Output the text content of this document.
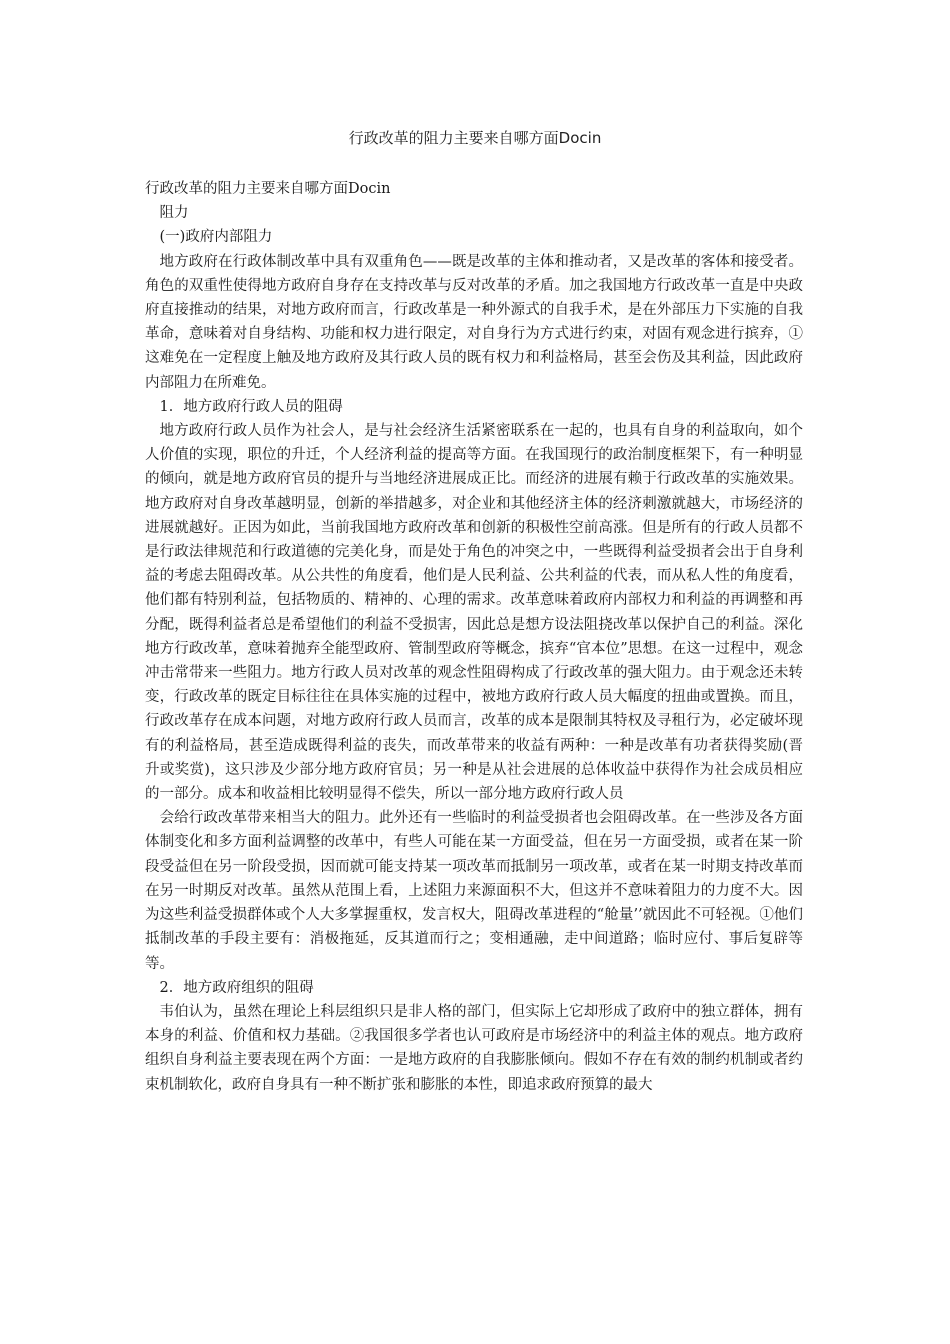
行政改革的阻力主要来自哪方面Docin

行政改革的阻力主要来自哪方面Docin

阻力

(一)政府内部阻力

地方政府在行政体制改革中具有双重角色——既是改革的主体和推动者，又是改革的客体和接受者。角色的双重性使得地方政府自身存在支持改革与反对改革的矛盾。加之我国地方行政改革一直是中央政府直接推动的结果，对地方政府而言，行政改革是一种外源式的自我手术，是在外部压力下实施的自我革命，意味着对自身结构、功能和权力进行限定，对自身行为方式进行约束，对固有观念进行摈弃，①这难免在一定程度上触及地方政府及其行政人员的既有权力和利益格局，甚至会伤及其利益，因此政府内部阻力在所难免。

1．地方政府行政人员的阻碍

地方政府行政人员作为社会人，是与社会经济生活紧密联系在一起的，也具有自身的利益取向，如个人价值的实现，职位的升迁，个人经济利益的提高等方面。在我国现行的政治制度框架下，有一种明显的倾向，就是地方政府官员的提升与当地经济进展成正比。而经济的进展有赖于行政改革的实施效果。地方政府对自身改革越明显，创新的举措越多，对企业和其他经济主体的经济刺激就越大，市场经济的进展就越好。正因为如此，当前我国地方政府改革和创新的积极性空前高涨。但是所有的行政人员都不是行政法律规范和行政道德的完美化身，而是处于角色的冲突之中，一些既得利益受损者会出于自身利益的考虑去阻碍改革。从公共性的角度看，他们是人民利益、公共利益的代表，而从私人性的角度看，他们都有特别利益，包括物质的、精神的、心理的需求。改革意味着政府内部权力和利益的再调整和再分配，既得利益者总是希望他们的利益不受损害，因此总是想方设法阻挠改革以保护自己的利益。深化地方行政改革，意味着抛弃全能型政府、管制型政府等概念，摈弃“官本位”思想。在这一过程中，观念冲击常带来一些阻力。地方行政人员对改革的观念性阻碍构成了行政改革的强大阻力。由于观念还未转变，行政改革的既定目标往往在具体实施的过程中，被地方政府行政人员大幅度的扭曲或置换。而且，行政改革存在成本问题，对地方政府行政人员而言，改革的成本是限制其特权及寻租行为，必定破坏现有的利益格局，甚至造成既得利益的丧失，而改革带来的收益有两种：一种是改革有功者获得奖励(晋升或奖赏)，这只涉及少部分地方政府官员；另一种是从社会进展的总体收益中获得作为社会成员相应的一部分。成本和收益相比较明显得不偿失，所以一部分地方政府行政人员

会给行政改革带来相当大的阻力。此外还有一些临时的利益受损者也会阻碍改革。在一些涉及各方面体制变化和多方面利益调整的改革中，有些人可能在某一方面受益，但在另一方面受损，或者在某一阶段受益但在另一阶段受损，因而就可能支持某一项改革而抵制另一项改革，或者在某一时期支持改革而在另一时期反对改革。虽然从范围上看，上述阻力来源面积不大，但这并不意味着阻力的力度不大。因为这些利益受损群体或个人大多掌握重权，发言权大，阻碍改革进程的“舱量’’就因此不可轻视。①他们抵制改革的手段主要有：消极拖延，反其道而行之；变相通融，走中间道路；临时应付、事后复辟等等。

2．地方政府组织的阻碍

韦伯认为，虽然在理论上科层组织只是非人格的部门，但实际上它却形成了政府中的独立群体，拥有本身的利益、价值和权力基础。②我国很多学者也认可政府是市场经济中的利益主体的观点。地方政府组织自身利益主要表现在两个方面：一是地方政府的自我膨胀倾向。假如不存在有效的制约机制或者约束机制软化，政府自身具有一种不断扩张和膨胀的本性，即追求政府预算的最大
